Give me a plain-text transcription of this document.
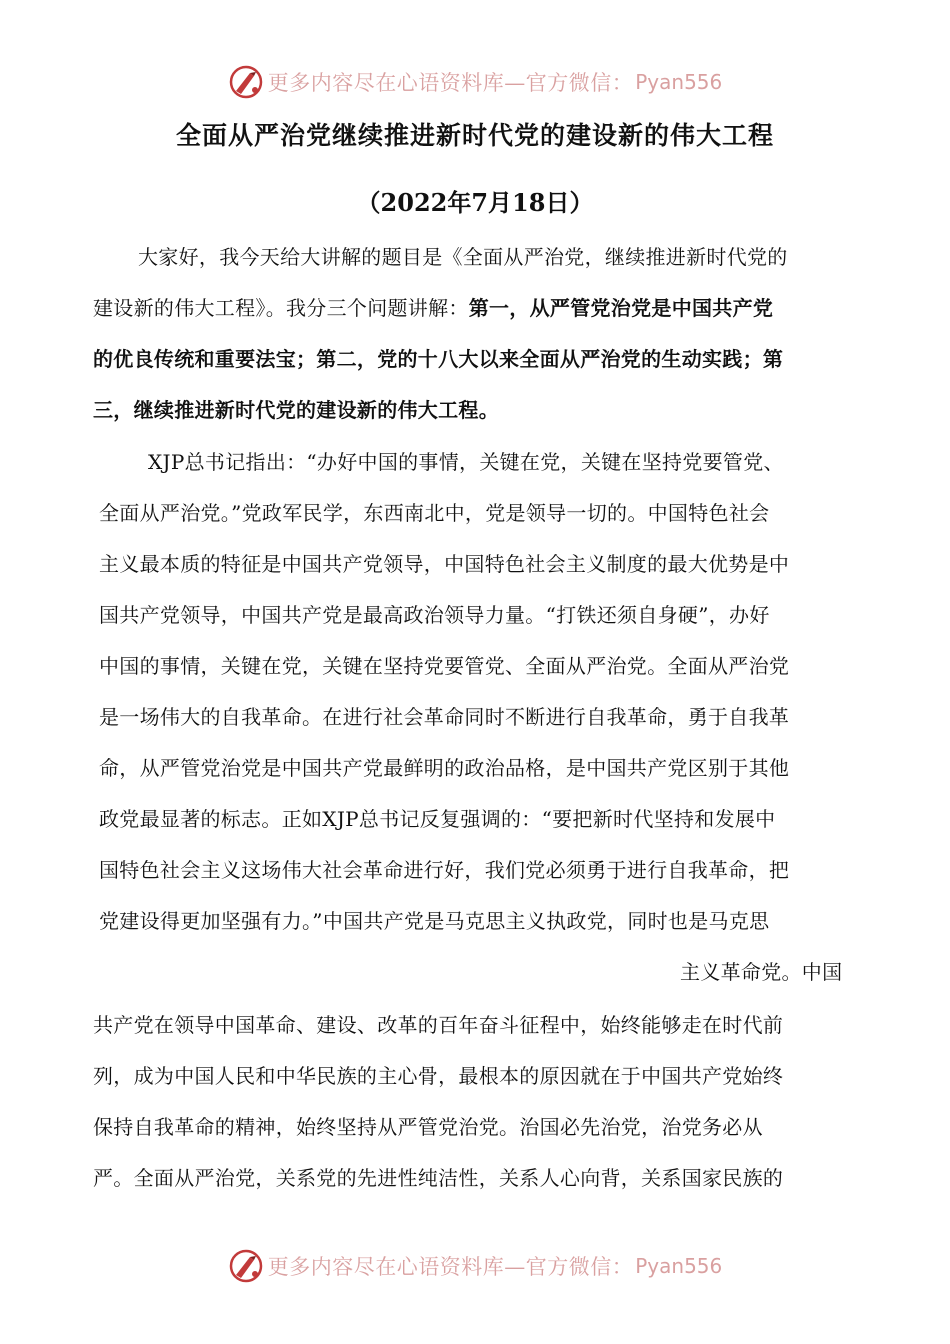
更多内容尽在心语资料库—官方微信： Pyan556
全面从严治党继续推进新时代党的建设新的伟大工程
（2022年7月18日）
大家好，我今天给大讲解的题目是《全面从严治党，继续推进新时代党的
建设新的伟大工程》。我分三个问题讲解：第一，从严管党治党是中国共产党
的优良传统和重要法宝；第二，党的十八大以来全面从严治党的生动实践；第
三，继续推进新时代党的建设新的伟大工程。
XJP总书记指出：“办好中国的事情，关键在党，关键在坚持党要管党、
全面从严治党。”党政军民学，东西南北中，党是领导一切的。中国特色社会
主义最本质的特征是中国共产党领导，中国特色社会主义制度的最大优势是中
国共产党领导，中国共产党是最高政治领导力量。“打铁还须自身硬”，办好
中国的事情，关键在党，关键在坚持党要管党、全面从严治党。全面从严治党
是一场伟大的自我革命。在进行社会革命同时不断进行自我革命，勇于自我革
命，从严管党治党是中国共产党最鲜明的政治品格，是中国共产党区别于其他
政党最显著的标志。正如XJP总书记反复强调的：“要把新时代坚持和发展中
国特色社会主义这场伟大社会革命进行好，我们党必须勇于进行自我革命，把
党建设得更加坚强有力。”中国共产党是马克思主义执政党，同时也是马克思
主义革命党。中国
共产党在领导中国革命、建设、改革的百年奋斗征程中，始终能够走在时代前
列，成为中国人民和中华民族的主心骨，最根本的原因就在于中国共产党始终
保持自我革命的精神，始终坚持从严管党治党。治国必先治党，治党务必从
严。全面从严治党，关系党的先进性纯洁性，关系人心向背，关系国家民族的
更多内容尽在心语资料库—官方微信： Pyan556
